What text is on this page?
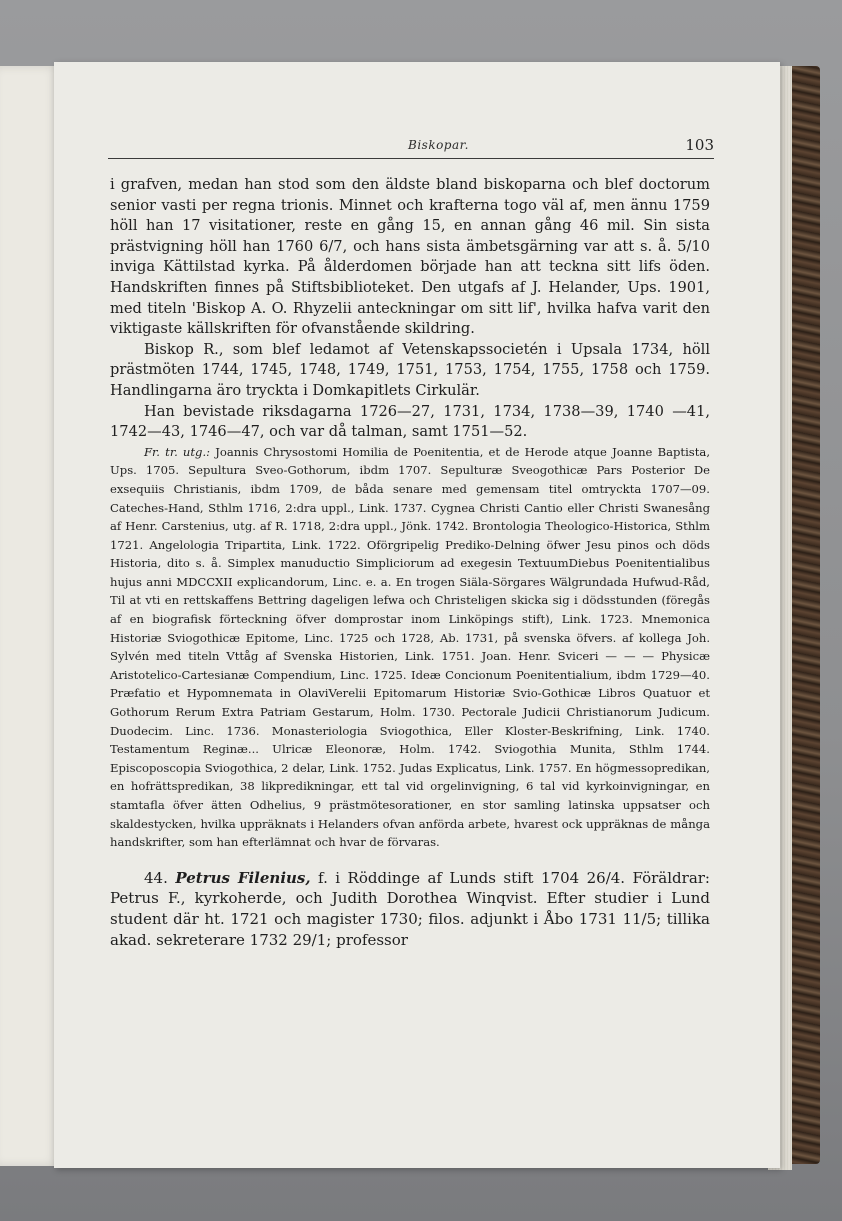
Biskopar.	103

i grafven, medan han stod som den äldste bland biskoparna och blef doctorum senior vasti per regna trionis. Minnet och krafterna togo väl af, men ännu 1759 höll han 17 visitationer, reste en gång 15, en annan gång 46 mil. Sin sista prästvigning höll han 1760 6/7, och hans sista ämbetsgärning var att s. å. 5/10 inviga Kättilstad kyrka. På ålderdomen började han att teckna sitt lifs öden. Handskriften finnes på Stiftsbiblioteket. Den utgafs af J. Helander, Ups. 1901, med titeln 'Biskop A. O. Rhyzelii anteckningar om sitt lif', hvilka hafva varit den viktigaste källskriften för ofvanstående skildring.

Biskop R., som blef ledamot af Vetenskapssocietén i Upsala 1734, höll prästmöten 1744, 1745, 1748, 1749, 1751, 1753, 1754, 1755, 1758 och 1759. Handlingarna äro tryckta i Domkapitlets Cirkulär.

Han bevistade riksdagarna 1726—27, 1731, 1734, 1738—39, 1740 —41, 1742—43, 1746—47, och var då talman, samt 1751—52.

Fr. tr. utg.: Joannis Chrysostomi Homilia de Poenitentia, et de Herode atque Joanne Baptista, Ups. 1705. Sepultura Sveo-Gothorum, ibdm 1707. Sepulturæ Sveogothicæ Pars Posterior De exsequiis Christianis, ibdm 1709, de båda senare med gemensam titel omtryckta 1707—09. Cateches-Hand, Sthlm 1716, 2:dra uppl., Link. 1737. Cygnea Christi Cantio eller Christi Swanesång af Henr. Carstenius, utg. af R. 1718, 2:dra uppl., Jönk. 1742. Brontologia Theologico-Historica, Sthlm 1721. Angelologia Tripartita, Link. 1722. Oförgripelig Prediko-Delning öfwer Jesu pinos och döds Historia, dito s. å. Simplex manuductio Simpliciorum ad exegesin TextuumDiebus Poenitentialibus hujus anni MDCCXII explicandorum, Linc. e. a. En trogen Siäla-Sörgares Wälgrundada Hufwud-Råd, Til at vti en rettskaffens Bettring dageligen lefwa och Christeligen skicka sig i dödsstunden (föregås af en biografisk förteckning öfver domprostar inom Linköpings stift), Link. 1723. Mnemonica Historiæ Sviogothicæ Epitome, Linc. 1725 och 1728, Ab. 1731, på svenska öfvers. af kollega Joh. Sylvén med titeln Vttåg af Svenska Historien, Link. 1751. Joan. Henr. Sviceri — — — Physicæ Aristotelico-Cartesianæ Compendium, Linc. 1725. Ideæ Concionum Poenitentialium, ibdm 1729—40. Præfatio et Hypomnemata in OlaviVerelii Epitomarum Historiæ Svio-Gothicæ Libros Quatuor et Gothorum Rerum Extra Patriam Gestarum, Holm. 1730. Pectorale Judicii Christianorum Judicum. Duodecim. Linc. 1736. Monasteriologia Sviogothica, Eller Kloster-Beskrifning, Link. 1740. Testamentum Reginæ... Ulricæ Eleonoræ, Holm. 1742. Sviogothia Munita, Sthlm 1744. Episcoposcopia Sviogothica, 2 delar, Link. 1752. Judas Explicatus, Link. 1757. En högmessopredikan, en hofrättspredikan, 38 likpredikningar, ett tal vid orgelinvigning, 6 tal vid kyrkoinvigningar, en stamtafla öfver ätten Odhelius, 9 prästmötesorationer, en stor samling latinska uppsatser och skaldestycken, hvilka uppräknats i Helanders ofvan anförda arbete, hvarest ock uppräknas de många handskrifter, som han efterlämnat och hvar de förvaras.

44. Petrus Filenius, f. i Röddinge af Lunds stift 1704 26/4. Föräldrar: Petrus F., kyrkoherde, och Judith Dorothea Winqvist. Efter studier i Lund student där ht. 1721 och magister 1730; filos. adjunkt i Åbo 1731 11/5; tillika akad. sekreterare 1732 29/1; professor
